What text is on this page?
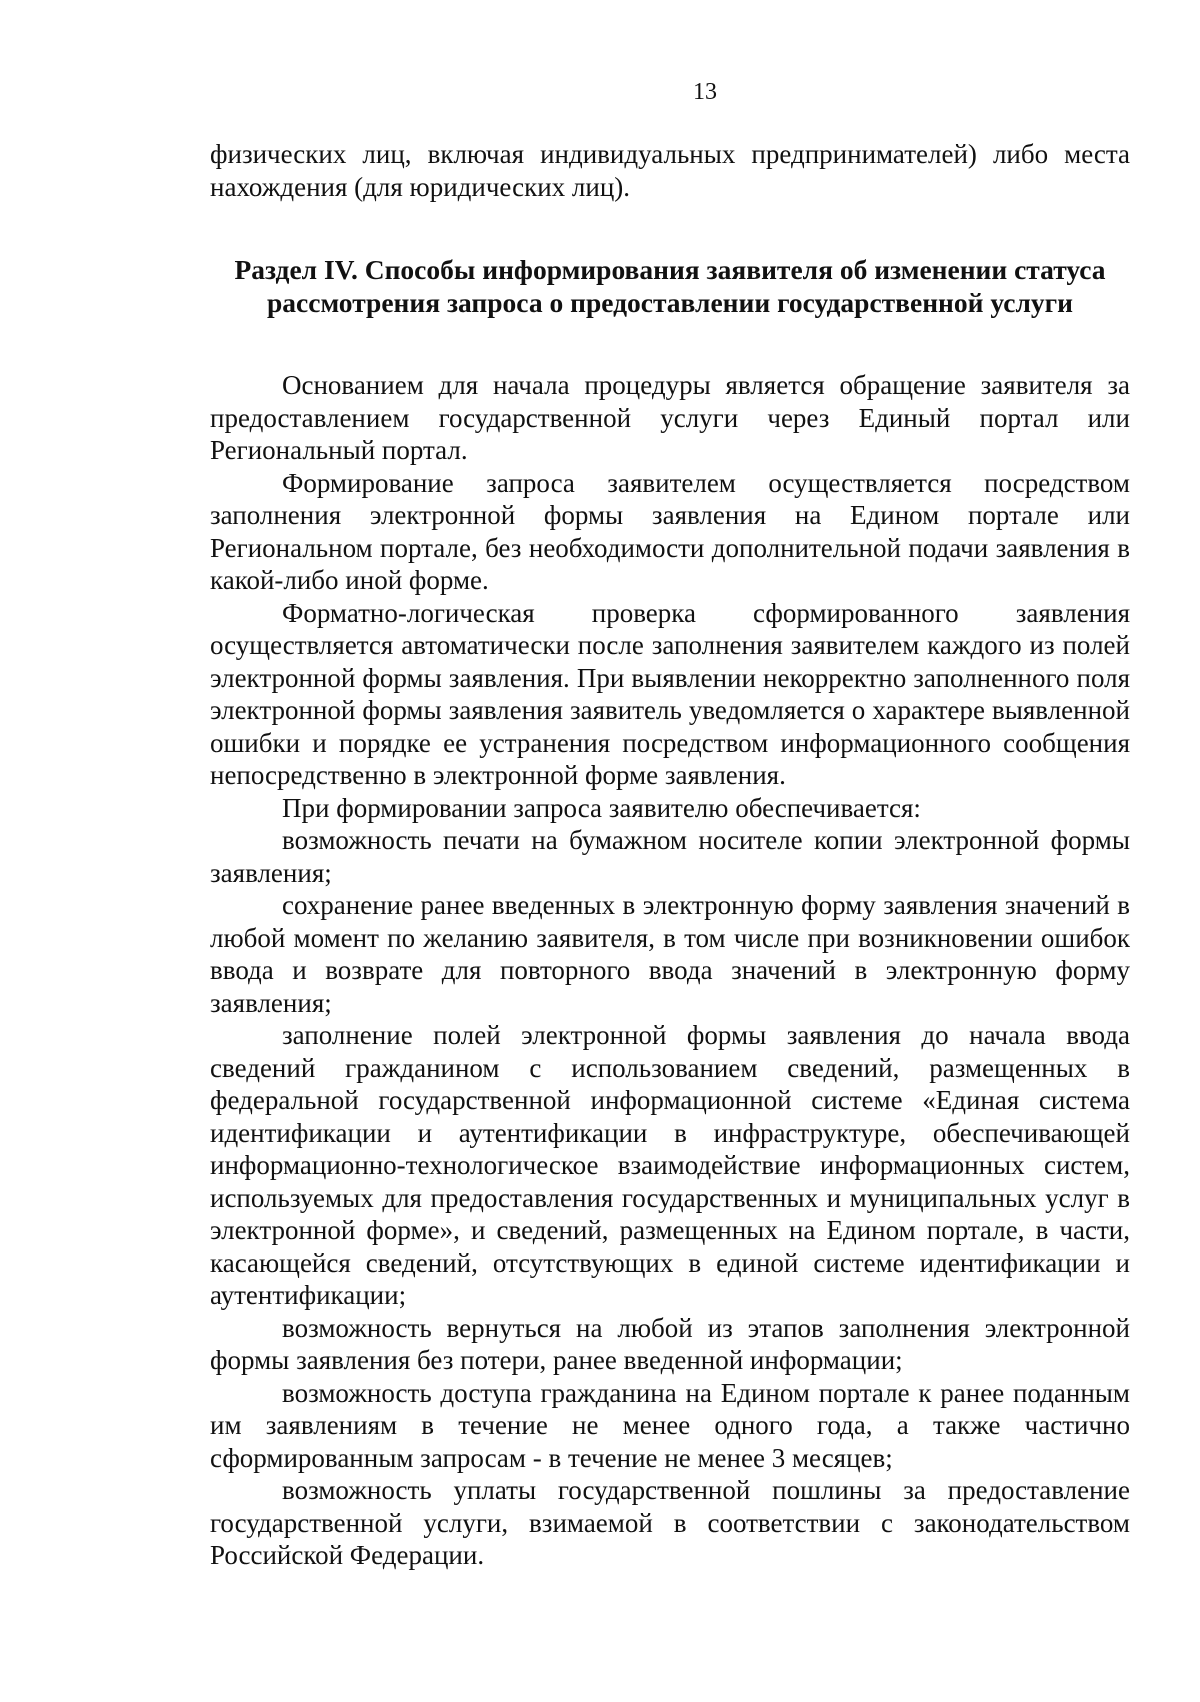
13

физических лиц, включая индивидуальных предпринимателей) либо места нахождения (для юридических лиц).

Раздел IV. Способы информирования заявителя об изменении статуса
рассмотрения запроса о предоставлении государственной услуги

Основанием для начала процедуры является обращение заявителя за предоставлением государственной услуги через Единый портал или Региональный портал.

Формирование запроса заявителем осуществляется посредством заполнения электронной формы заявления на Едином портале или Региональном портале, без необходимости дополнительной подачи заявления в какой-либо иной форме.

Форматно-логическая проверка сформированного заявления осуществляется автоматически после заполнения заявителем каждого из полей электронной формы заявления. При выявлении некорректно заполненного поля электронной формы заявления заявитель уведомляется о характере выявленной ошибки и порядке ее устранения посредством информационного сообщения непосредственно в электронной форме заявления.

При формировании запроса заявителю обеспечивается:

возможность печати на бумажном носителе копии электронной формы заявления;

сохранение ранее введенных в электронную форму заявления значений в любой момент по желанию заявителя, в том числе при возникновении ошибок ввода и возврате для повторного ввода значений в электронную форму заявления;

заполнение полей электронной формы заявления до начала ввода сведений гражданином с использованием сведений, размещенных в федеральной государственной информационной системе «Единая система идентификации и аутентификации в инфраструктуре, обеспечивающей информационно-технологическое взаимодействие информационных систем, используемых для предоставления государственных и муниципальных услуг в электронной форме», и сведений, размещенных на Едином портале, в части, касающейся сведений, отсутствующих в единой системе идентификации и аутентификации;

возможность вернуться на любой из этапов заполнения электронной формы заявления без потери, ранее введенной информации;

возможность доступа гражданина на Едином портале к ранее поданным им заявлениям в течение не менее одного года, а также частично сформированным запросам - в течение не менее 3 месяцев;

возможность уплаты государственной пошлины за предоставление государственной услуги, взимаемой в соответствии с законодательством Российской Федерации.
